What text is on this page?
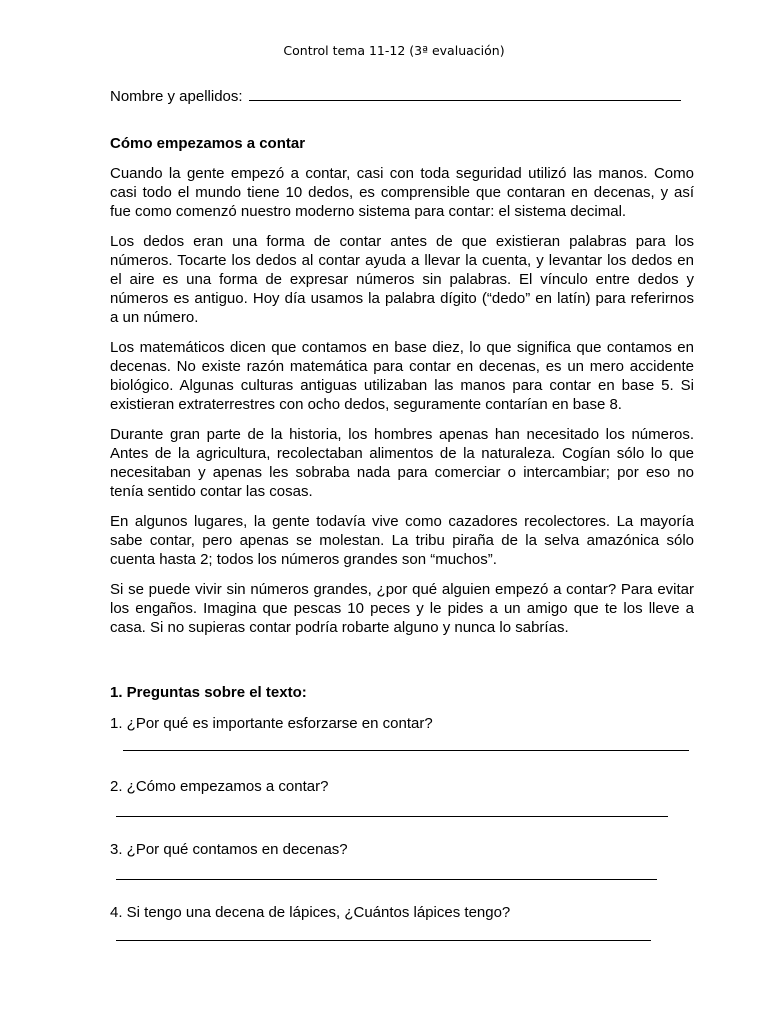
Control tema 11-12 (3ª evaluación)
Nombre y apellidos:
Cómo empezamos a contar

Cuando la gente empezó a contar, casi con toda seguridad utilizó las manos. Como casi todo el mundo tiene 10 dedos, es comprensible que contaran en decenas, y así fue como comenzó nuestro moderno sistema para contar: el sistema decimal.

Los dedos eran una forma de contar antes de que existieran palabras para los números. Tocarte los dedos al contar ayuda a llevar la cuenta, y levantar los dedos en el aire es una forma de expresar números sin palabras. El vínculo entre dedos y números es antiguo. Hoy día usamos la palabra dígito (“dedo” en latín) para referirnos a un número.

Los matemáticos dicen que contamos en base diez, lo que significa que contamos en decenas. No existe razón matemática para contar en decenas, es un mero accidente biológico. Algunas culturas antiguas utilizaban las manos para contar en base 5. Si existieran extraterrestres con ocho dedos, seguramente contarían en base 8.

Durante gran parte de la historia, los hombres apenas han necesitado los números. Antes de la agricultura, recolectaban alimentos de la naturaleza. Cogían sólo lo que necesitaban y apenas les sobraba nada para comerciar o intercambiar; por eso no tenía sentido contar las cosas.

En algunos lugares, la gente todavía vive como cazadores recolectores. La mayoría sabe contar, pero apenas se molestan. La tribu piraña de la selva amazónica sólo cuenta hasta 2; todos los números grandes son “muchos”.

Si se puede vivir sin números grandes, ¿por qué alguien empezó a contar? Para evitar los engaños. Imagina que pescas 10 peces y le pides a un amigo que te los lleve a casa. Si no supieras contar podría robarte alguno y nunca lo sabrías.

1. Preguntas sobre el texto:

1. ¿Por qué es importante esforzarse en contar?
2. ¿Cómo empezamos a contar?
3. ¿Por qué contamos en decenas?
4. Si tengo una decena de lápices, ¿Cuántos lápices tengo?
